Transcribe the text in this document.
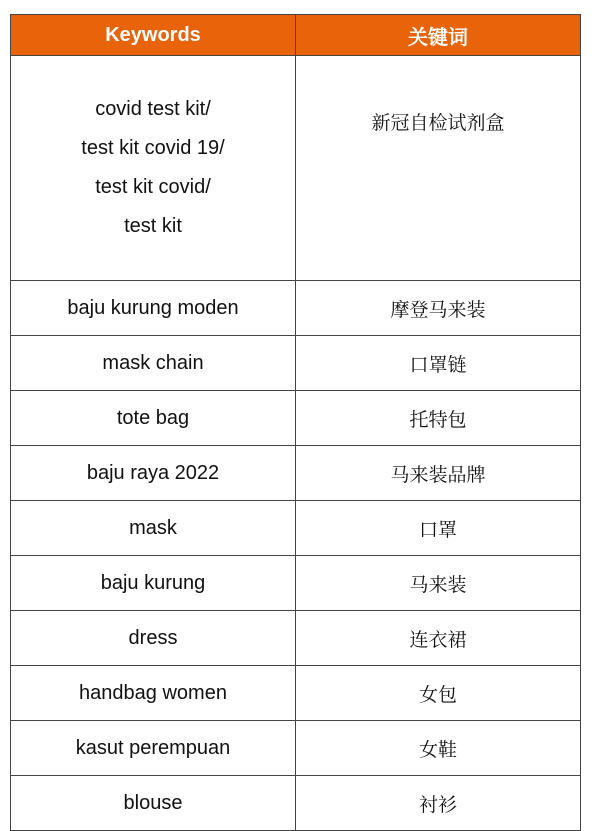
Keywords	关键词

covid test kit/
test kit covid 19/
test kit covid/
test kit	新冠自检试剂盒
baju kurung moden	摩登马来装
mask chain	口罩链
tote bag	托特包
baju raya 2022	马来装品牌
mask	口罩
baju kurung	马来装
dress	连衣裙
handbag women	女包
kasut perempuan	女鞋
blouse	衬衫
